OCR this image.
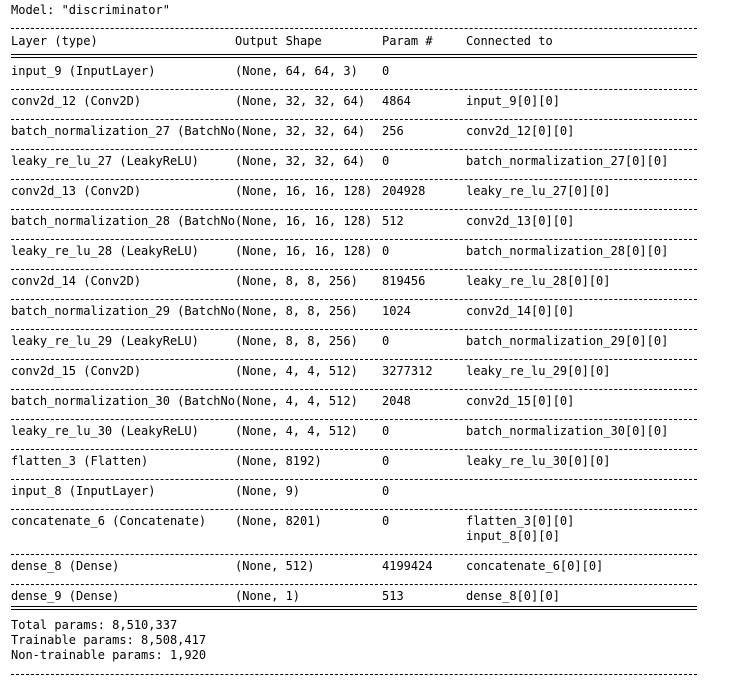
Model: "discriminator"
Layer (type)	Output Shape	Param #	Connected to
input_9 (InputLayer)	(None, 64, 64, 3) 0
conv2d_12 (Conv2D)	(None, 32, 32, 64) 4864	input_9[0][0]
batch_normalization_27 (BatchNo (None, 32, 32, 64) 256	conv2d_12[0][0]
leaky_re_lu_27 (LeakyReLU)	(None, 32, 32, 64) 0	batch_normalization_27[0][0]
conv2d_13 (Conv2D)	(None, 16, 16, 128) 204928	leaky_re_lu_27[0][0]
batch_normalization_28 (BatchNo (None, 16, 16, 128) 512	conv2d_13[0][0]
leaky_re_lu_28 (LeakyReLU)	(None, 16, 16, 128) 0	batch_normalization_28[0][0]
conv2d_14 (Conv2D)	(None, 8, 8, 256) 819456	leaky_re_lu_28[0][0]
batch_normalization_29 (BatchNo (None, 8, 8, 256) 1024	conv2d_14[0][0]
leaky_re_lu_29 (LeakyReLU)	(None, 8, 8, 256) 0	batch_normalization_29[0][0]
conv2d_15 (Conv2D)	(None, 4, 4, 512) 3277312	leaky_re_lu_29[0][0]
batch_normalization_30 (BatchNo (None, 4, 4, 512) 2048	conv2d_15[0][0]
leaky_re_lu_30 (LeakyReLU)	(None, 4, 4, 512) 0	batch_normalization_30[0][0]
flatten_3 (Flatten)	(None, 8192)	0	leaky_re_lu_30[0][0]
input_8 (InputLayer)	(None, 9)	0
concatenate_6 (Concatenate) (None, 8201)	0	flatten_3[0][0]
input_8[0][0]
dense_8 (Dense)	(None, 512)	4199424	concatenate_6[0][0]
dense_9 (Dense)	(None, 1)	513	dense_8[0][0]
Total params: 8,510,337
Trainable params: 8,508,417
Non-trainable params: 1,920
